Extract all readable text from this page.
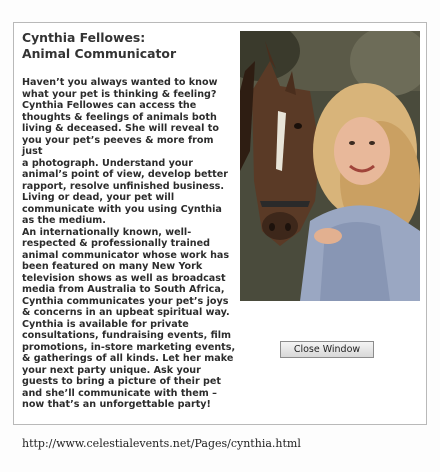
Cynthia Fellowes:
Animal Communicator
Haven’t you always wanted to know
what your pet is thinking & feeling?
Cynthia Fellowes can access the
thoughts & feelings of animals both
living & deceased. She will reveal to
you your pet’s peeves & more from just
a photograph. Understand your
animal’s point of view, develop better
rapport, resolve unfinished business.
Living or dead, your pet will
communicate with you using Cynthia
as the medium.
An internationally known, well-
respected & professionally trained
animal communicator whose work has
been featured on many New York
television shows as well as broadcast
media from Australia to South Africa,
Cynthia communicates your pet’s joys
& concerns in an upbeat spiritual way.
Cynthia is available for private
consultations, fundraising events, film
promotions, in-store marketing events,
& gatherings of all kinds. Let her make
your next party unique. Ask your
guests to bring a picture of their pet
and she’ll communicate with them –
now that’s an unforgettable party!
Close Window
http://www.celestialevents.net/Pages/cynthia.html
